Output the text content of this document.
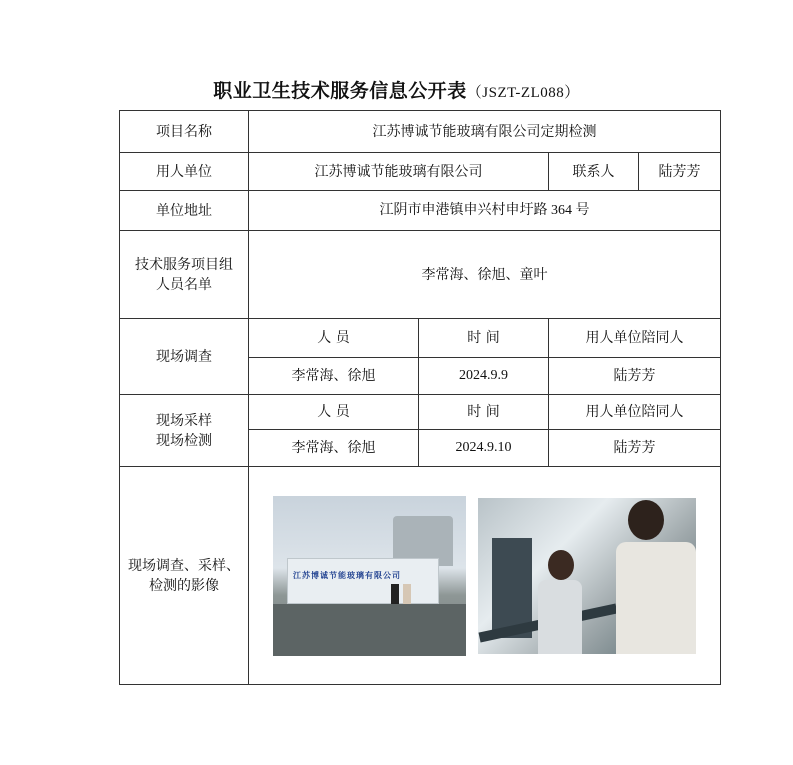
职业卫生技术服务信息公开表（JSZT-ZL088）
项目名称	江苏博诚节能玻璃有限公司定期检测			
用人单位	江苏博诚节能玻璃有限公司		联系人	陆芳芳
单位地址	江阴市申港镇申兴村申圩路 364 号			

技术服务项目组
人员名单	李常海、徐旭、童叶			
现场调查	人 员	时 间	用人单位陪同人	
	李常海、徐旭	2024.9.9	陆芳芳	

现场采样
现场检测	人 员	时 间	用人单位陪同人	
	李常海、徐旭	2024.9.10	陆芳芳	

现场调查、采样、
检测的影像	江苏博诚节能玻璃有限公司			
